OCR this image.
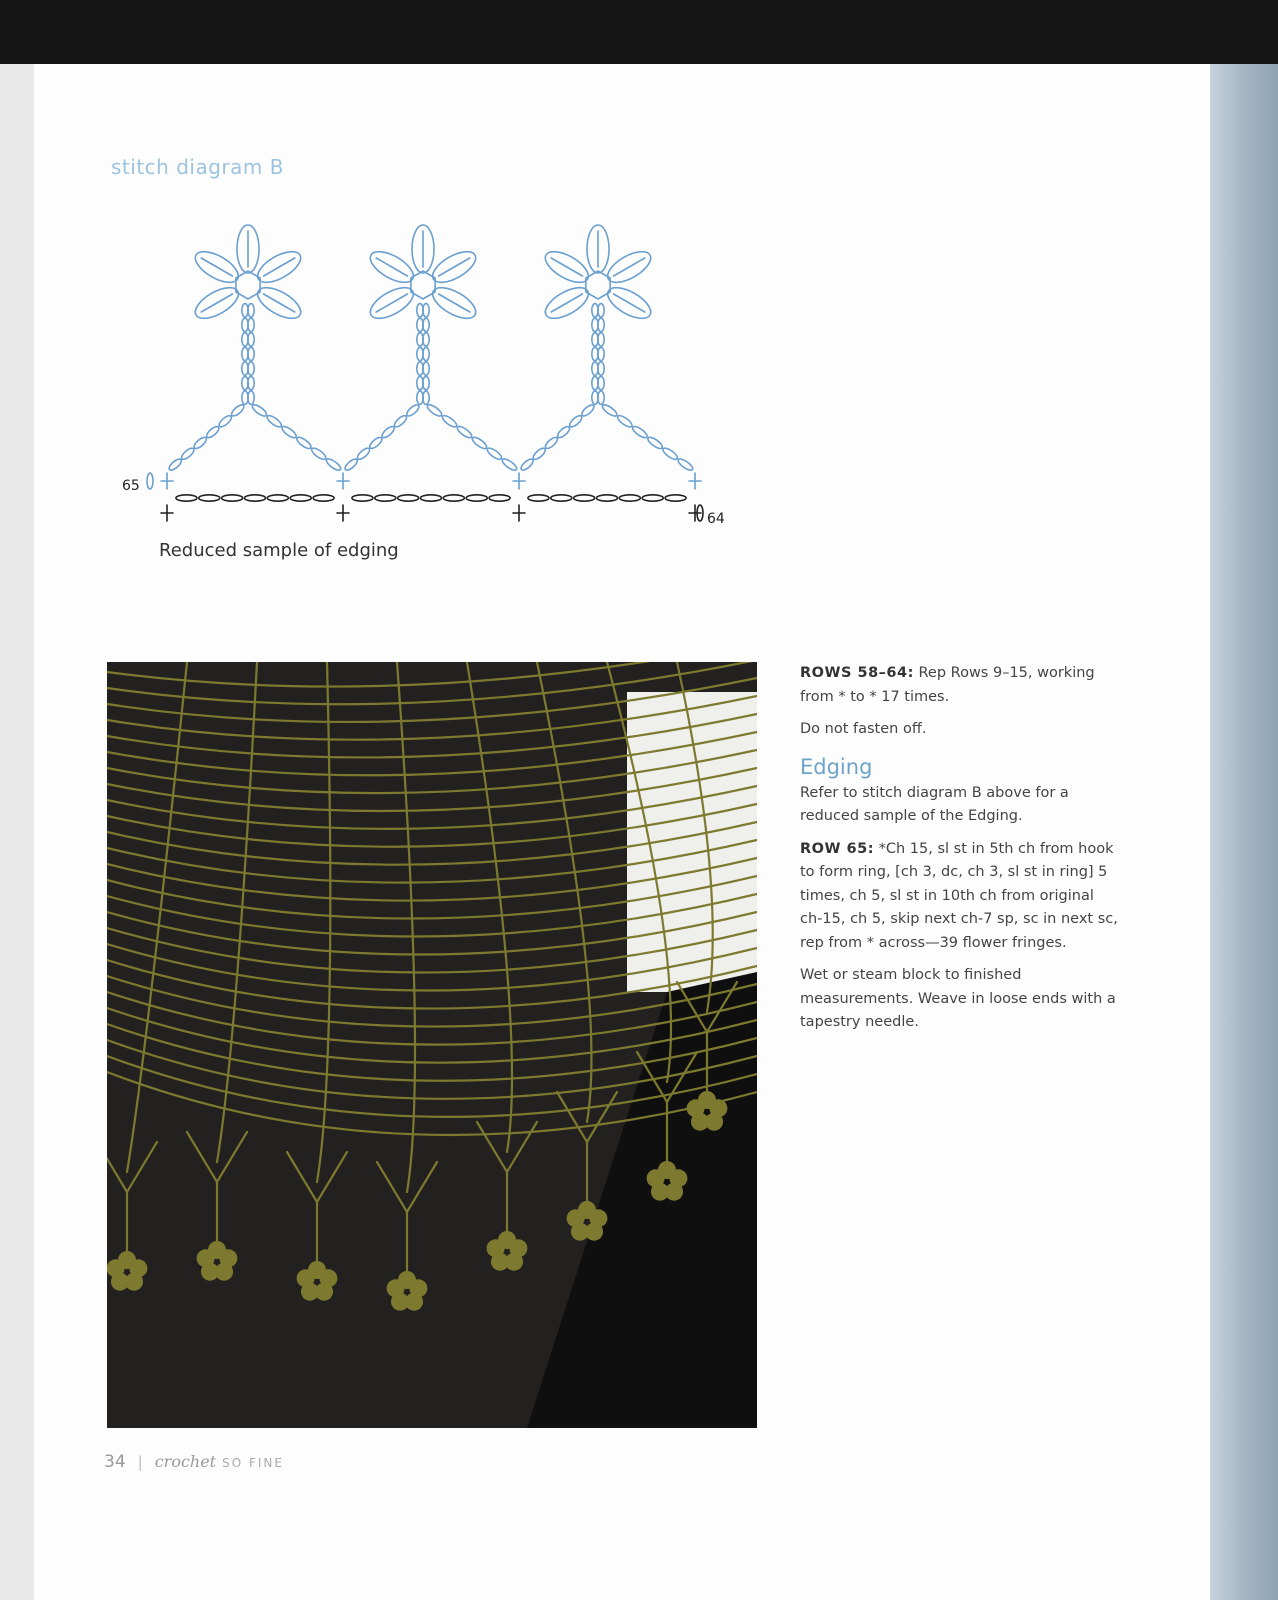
stitch diagram B
65
64
Reduced sample of edging

ROWS 58–64: Rep Rows 9–15, working from * to * 17 times.

Do not fasten off.

Edging

Refer to stitch diagram B above for a reduced sample of the Edging.

ROW 65: *Ch 15, sl st in 5th ch from hook to form ring, [ch 3, dc, ch 3, sl st in ring] 5 times, ch 5, sl st in 10th ch from original ch-15, ch 5, skip next ch-7 sp, sc in next sc, rep from * across—39 flower fringes.

Wet or steam block to finished measurements. Weave in loose ends with a tapestry needle.

34 | crochet SO FINE
